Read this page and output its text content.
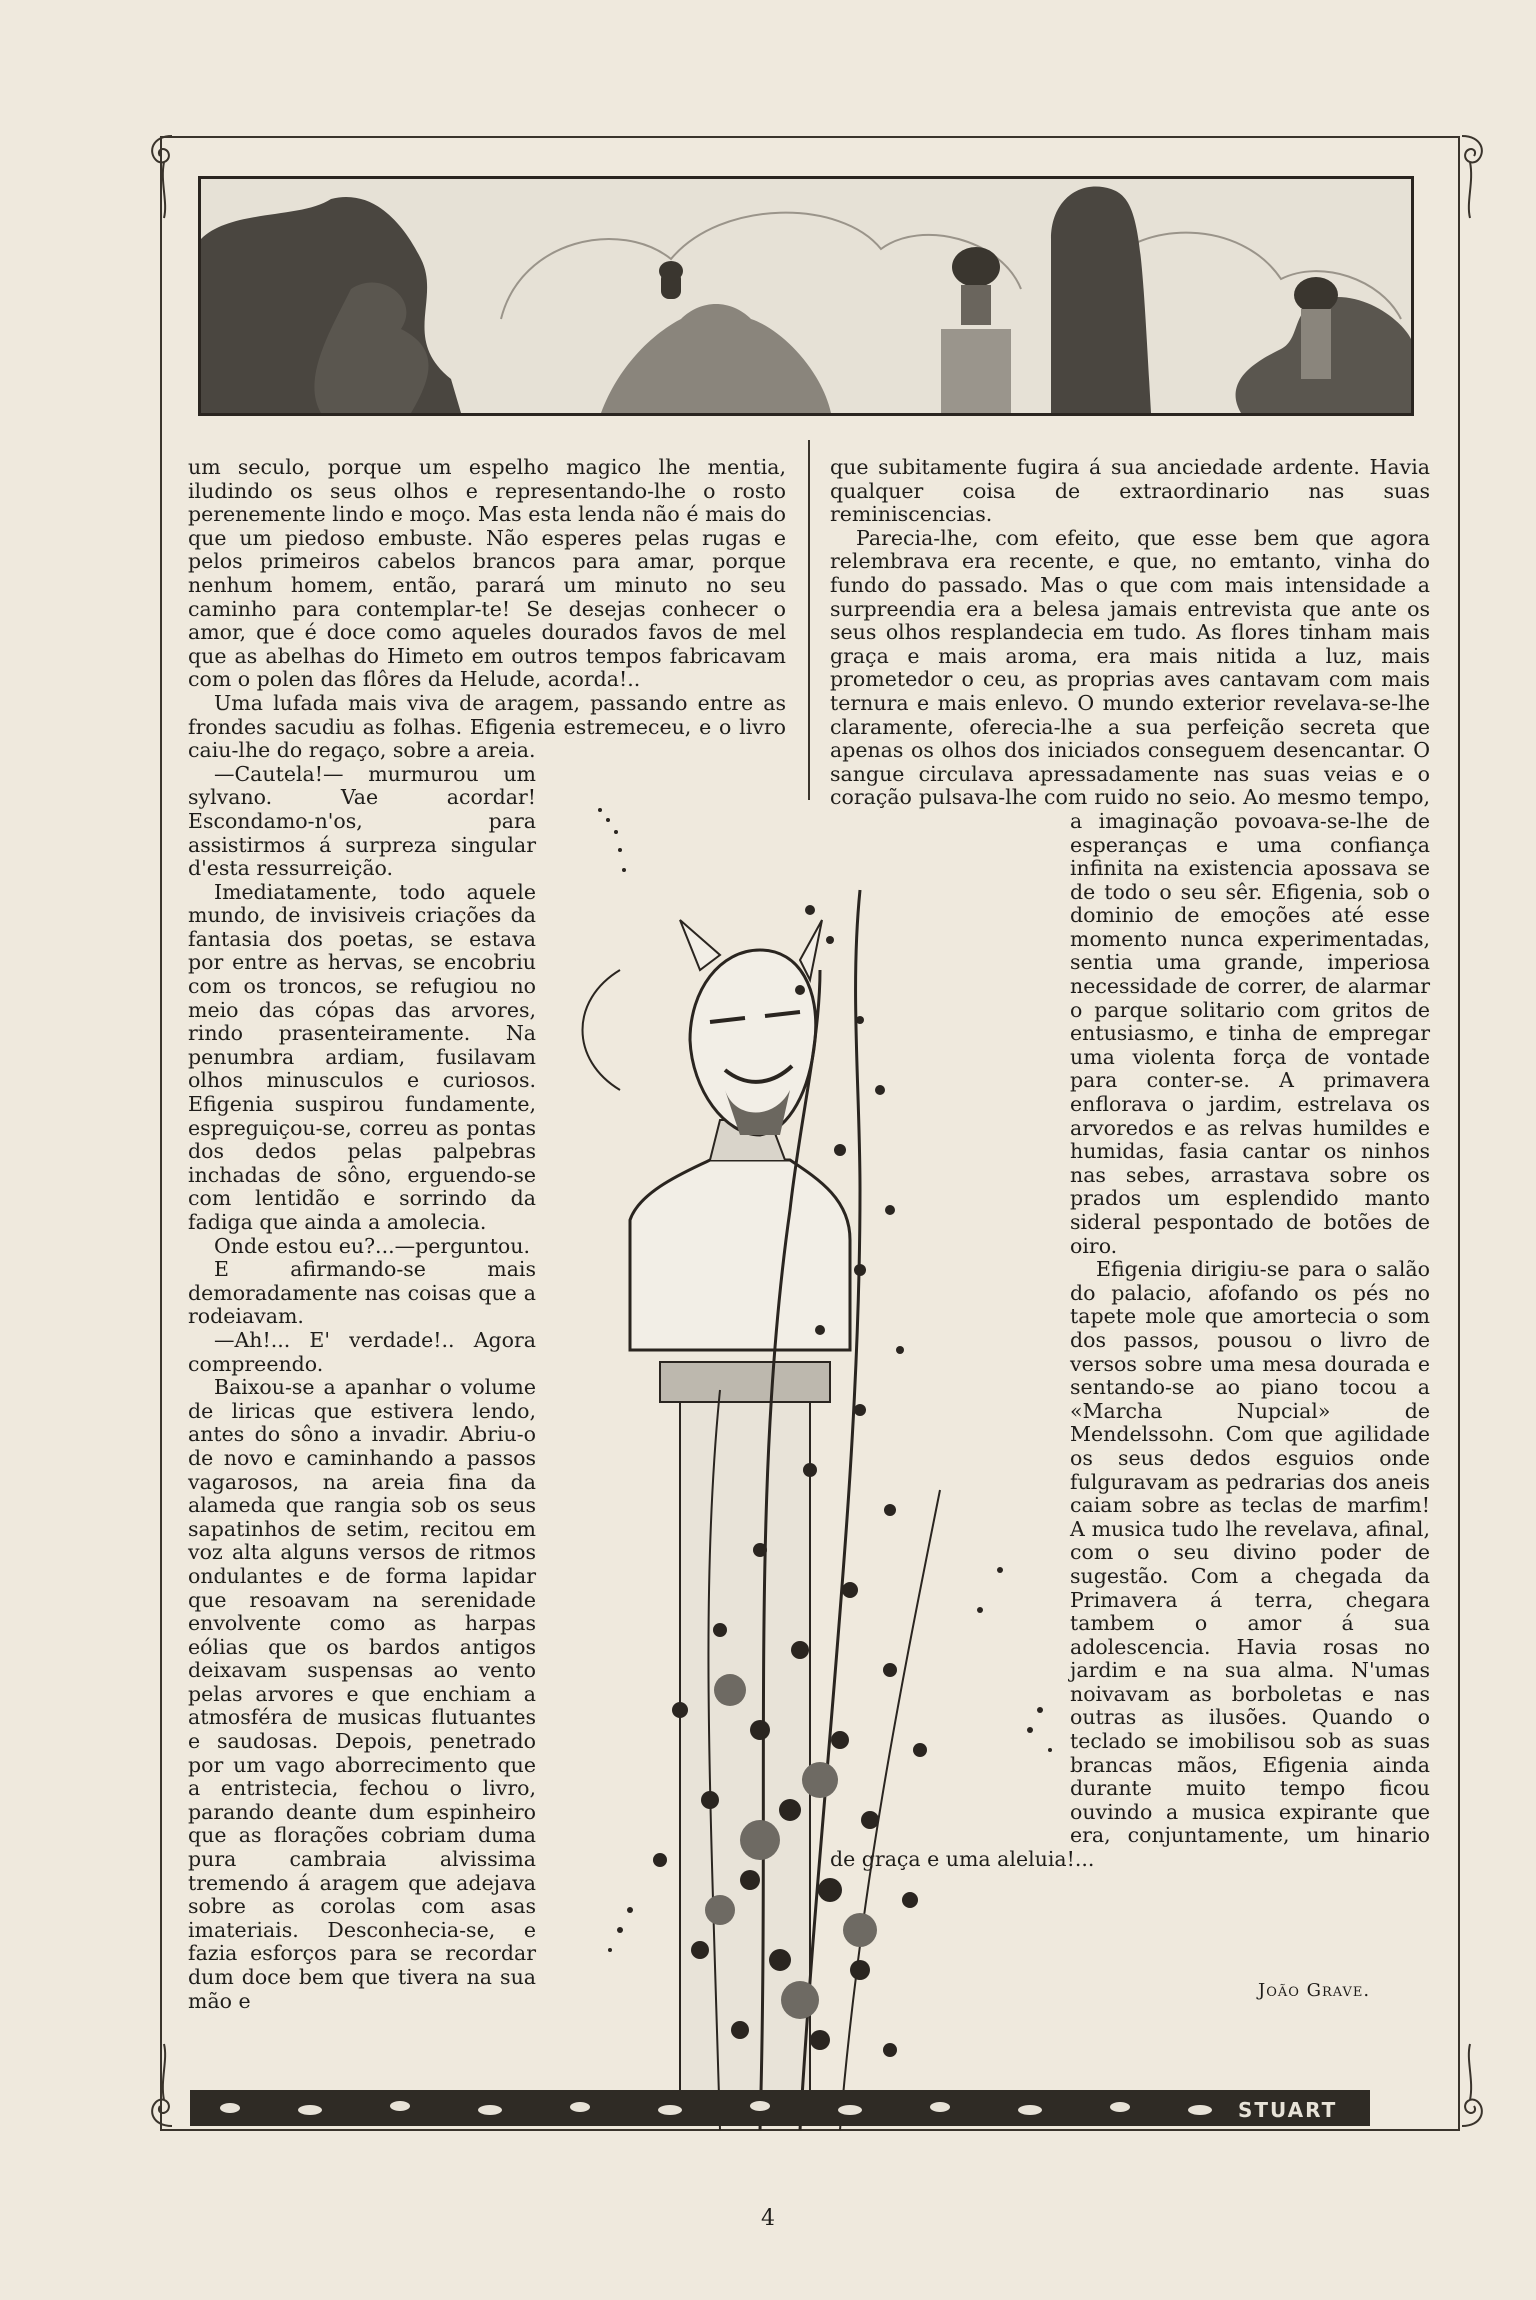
um seculo, porque um espelho magico lhe mentia, iludindo os seus olhos e representando-lhe o rosto perenemente lindo e moço. Mas esta lenda não é mais do que um piedoso embuste. Não esperes pelas rugas e pelos primeiros cabelos brancos para amar, porque nenhum homem, então, parará um minuto no seu caminho para contemplar-te! Se desejas conhecer o amor, que é doce como aqueles dourados favos de mel que as abelhas do Himeto em outros tempos fabricavam com o polen das flôres da Helude, acorda!..

Uma lufada mais viva de aragem, passando entre as frondes sacudiu as folhas. Efigenia estremeceu, e o livro caiu-lhe do regaço, sobre a areia.

—Cautela!— murmurou um sylvano. Vae acordar! Escondamo-n'os, para assistirmos á surpreza singular d'esta ressurreição.

Imediatamente, todo aquele mundo, de invisiveis criações da fantasia dos poetas, se estava por entre as hervas, se encobriu com os troncos, se refugiou no meio das cópas das arvores, rindo prasenteiramente. Na penumbra ardiam, fusilavam olhos minusculos e curiosos. Efigenia suspirou fundamente, espreguiçou-se, correu as pontas dos dedos pelas palpebras inchadas de sôno, erguendo-se com lentidão e sorrindo da fadiga que ainda a amolecia.

Onde estou eu?...—perguntou.

E afirmando-se mais demoradamente nas coisas que a rodeiavam.

—Ah!... E' verdade!.. Agora compreendo.

Baixou-se a apanhar o volume de liricas que estivera lendo, antes do sôno a invadir. Abriu-o de novo e caminhando a passos vagarosos, na areia fina da alameda que rangia sob os seus sapatinhos de setim, recitou em voz alta alguns versos de ritmos ondulantes e de forma lapidar que resoavam na serenidade envolvente como as harpas eólias que os bardos antigos deixavam suspensas ao vento pelas arvores e que enchiam a atmosféra de musicas flutuantes e saudosas. Depois, penetrado por um vago aborrecimento que a entristecia, fechou o livro, parando deante dum espinheiro que as florações cobriam duma pura cambraia alvissima tremendo á aragem que adejava sobre as corolas com asas imateriais. Desconhecia-se, e fazia esforços para se recordar dum doce bem que tivera na sua mão e

que subitamente fugira á sua anciedade ardente. Havia qualquer coisa de extraordinario nas suas reminiscencias.

Parecia-lhe, com efeito, que esse bem que agora relembrava era recente, e que, no emtanto, vinha do fundo do passado. Mas o que com mais intensidade a surpreendia era a belesa jamais entrevista que ante os seus olhos resplandecia em tudo. As flores tinham mais graça e mais aroma, era mais nitida a luz, mais prometedor o ceu, as proprias aves cantavam com mais ternura e mais enlevo. O mundo exterior revelava-se-lhe claramente, oferecia-lhe a sua perfeição secreta que apenas os olhos dos iniciados conseguem desencantar. O sangue circulava apressadamente nas suas veias e o coração pulsava-lhe com ruido no seio. Ao mesmo tempo, a imaginação povoava-se-lhe de esperanças e uma confiança infinita na existencia apossava se de todo o seu sêr. Efigenia, sob o dominio de emoções até esse momento nunca experimentadas, sentia uma grande, imperiosa necessidade de correr, de alarmar o parque solitario com gritos de entusiasmo, e tinha de empregar uma violenta força de vontade para conter-se. A primavera enflorava o jardim, estrelava os arvoredos e as relvas humildes e humidas, fasia cantar os ninhos nas sebes, arrastava sobre os prados um esplendido manto sideral pespontado de botões de oiro.

Efigenia dirigiu-se para o salão do palacio, afofando os pés no tapete mole que amortecia o som dos passos, pousou o livro de versos sobre uma mesa dourada e sentando-se ao piano tocou a «Marcha Nupcial» de Mendelssohn. Com que agilidade os seus dedos esguios onde fulguravam as pedrarias dos aneis caiam sobre as teclas de marfim! A musica tudo lhe revelava, afinal, com o seu divino poder de sugestão. Com a chegada da Primavera á terra, chegara tambem o amor á sua adolescencia. Havia rosas no jardim e na sua alma. N'umas noivavam as borboletas e nas outras as ilusões. Quando o teclado se imobilisou sob as suas brancas mãos, Efigenia ainda durante muito tempo ficou ouvindo a musica expirante que era, conjuntamente, um hinario de graça e uma aleluia!...

STUART
João Grave.
4
